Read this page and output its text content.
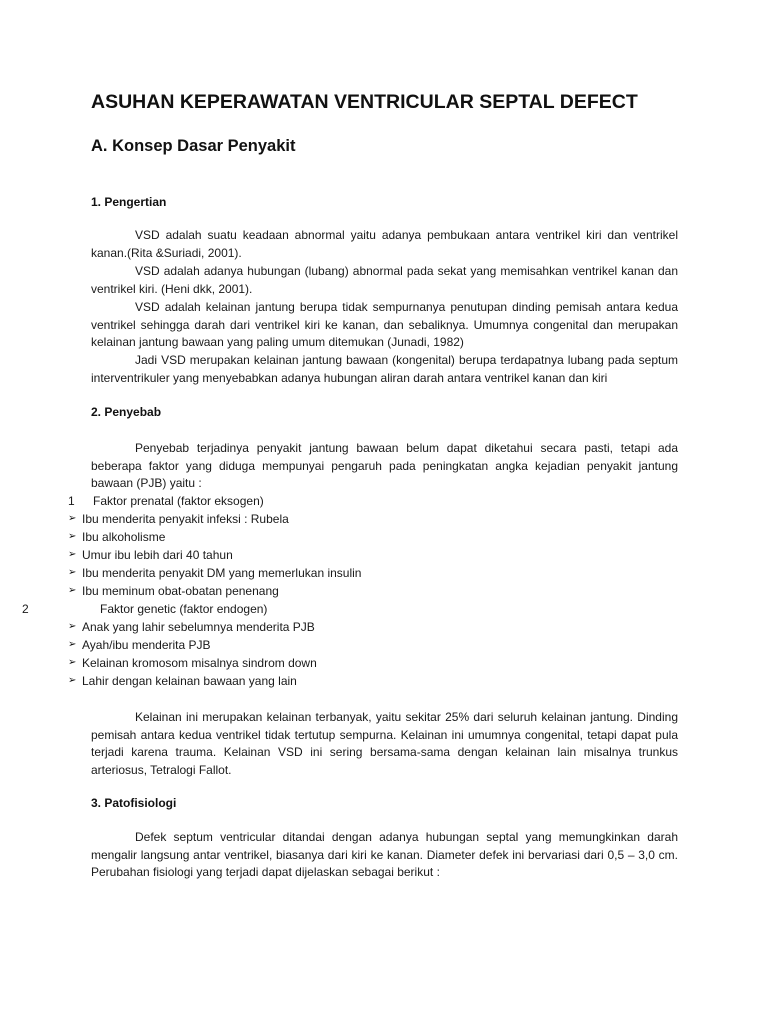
ASUHAN KEPERAWATAN VENTRICULAR SEPTAL DEFECT
A. Konsep Dasar Penyakit
1. Pengertian

VSD adalah suatu keadaan abnormal yaitu adanya pembukaan antara ventrikel kiri dan ventrikel kanan.(Rita &Suriadi, 2001).

VSD adalah adanya hubungan (lubang) abnormal pada sekat yang memisahkan ventrikel kanan dan ventrikel kiri. (Heni dkk, 2001).

VSD adalah kelainan jantung berupa tidak sempurnanya penutupan dinding pemisah antara kedua ventrikel sehingga darah dari ventrikel kiri ke kanan, dan sebaliknya. Umumnya congenital dan merupakan kelainan jantung bawaan yang paling umum ditemukan (Junadi, 1982)

Jadi VSD merupakan kelainan jantung bawaan (kongenital) berupa terdapatnya lubang pada septum interventrikuler yang menyebabkan adanya hubungan aliran darah antara ventrikel kanan dan kiri

2. Penyebab

Penyebab terjadinya penyakit jantung bawaan belum dapat diketahui secara pasti, tetapi ada beberapa faktor yang diduga mempunyai pengaruh pada peningkatan angka kejadian penyakit jantung bawaan (PJB) yaitu :

1 Faktor prenatal (faktor eksogen)
➢ Ibu menderita penyakit infeksi : Rubela
➢ Ibu alkoholisme
➢ Umur ibu lebih dari 40 tahun
➢ Ibu menderita penyakit DM yang memerlukan insulin
➢ Ibu meminum obat-obatan penenang
2	Faktor genetic (faktor endogen)
➢ Anak yang lahir sebelumnya menderita PJB
➢ Ayah/ibu menderita PJB
➢ Kelainan kromosom misalnya sindrom down
➢ Lahir dengan kelainan bawaan yang lain

Kelainan ini merupakan kelainan terbanyak, yaitu sekitar 25% dari seluruh kelainan jantung. Dinding pemisah antara kedua ventrikel tidak tertutup sempurna. Kelainan ini umumnya congenital, tetapi dapat pula terjadi karena trauma. Kelainan VSD ini sering bersama-sama dengan kelainan lain misalnya trunkus arteriosus, Tetralogi Fallot.

3. Patofisiologi

Defek septum ventricular ditandai dengan adanya hubungan septal yang memungkinkan darah mengalir langsung antar ventrikel, biasanya dari kiri ke kanan. Diameter defek ini bervariasi dari 0,5 – 3,0 cm. Perubahan fisiologi yang terjadi dapat dijelaskan sebagai berikut :
